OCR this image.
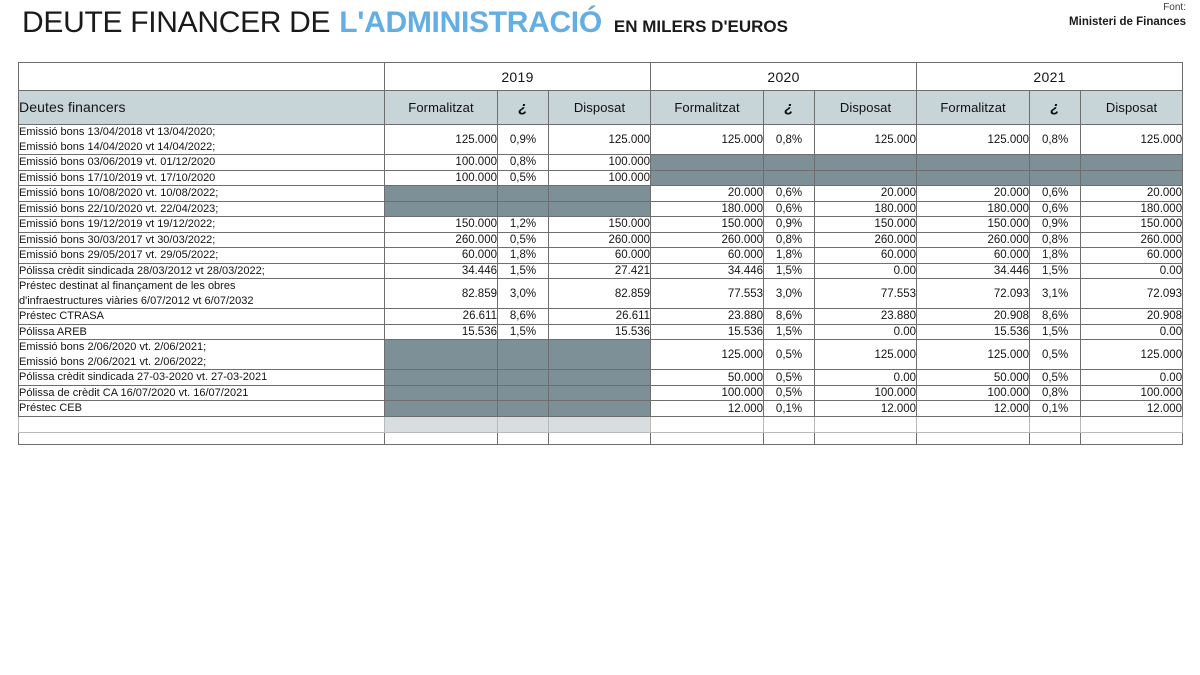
DEUTE FINANCER DE L'ADMINISTRACIÓ EN MILERS D'EUROS
Font:
Ministeri de Finances
	2019			2020			2021		
Deutes financers	Formalitzat	¿	Disposat	Formalitzat	¿	Disposat	Formalitzat	¿	Disposat

Emissió bons 13/04/2018 vt 13/04/2020;
Emissió bons 14/04/2020 vt 14/04/2022;	125.000	0,9%	125.000	125.000	0,8%	125.000	125.000	0,8%	125.000

Emissió bons 03/06/2019 vt. 01/12/2020	100.000	0,8%	100.000						

Emissió bons 17/10/2019 vt. 17/10/2020	100.000	0,5%	100.000						

Emissió bons 10/08/2020 vt. 10/08/2022;				20.000	0,6%	20.000	20.000	0,6%	20.000

Emissió bons 22/10/2020 vt. 22/04/2023;				180.000	0,6%	180.000	180.000	0,6%	180.000

Emissió bons 19/12/2019 vt 19/12/2022;	150.000	1,2%	150.000	150.000	0,9%	150.000	150.000	0,9%	150.000

Emissió bons 30/03/2017 vt 30/03/2022;	260.000	0,5%	260.000	260.000	0,8%	260.000	260.000	0,8%	260.000

Emissió bons 29/05/2017 vt. 29/05/2022;	60.000	1,8%	60.000	60.000	1,8%	60.000	60.000	1,8%	60.000

Pólissa crèdit sindicada 28/03/2012 vt 28/03/2022;	34.446	1,5%	27.421	34.446	1,5%	0.00	34.446	1,5%	0.00

Préstec destinat al finançament de les obres
d'infraestructures viàries 6/07/2012 vt 6/07/2032	82.859	3,0%	82.859	77.553	3,0%	77.553	72.093	3,1%	72.093

Préstec CTRASA	26.611	8,6%	26.611	23.880	8,6%	23.880	20.908	8,6%	20.908

Pólissa AREB	15.536	1,5%	15.536	15.536	1,5%	0.00	15.536	1,5%	0.00

Emissió bons 2/06/2020 vt. 2/06/2021;
Emissió bons 2/06/2021 vt. 2/06/2022;				125.000	0,5%	125.000	125.000	0,5%	125.000

Pólissa crèdit sindicada 27-03-2020 vt. 27-03-2021				50.000	0,5%	0.00	50.000	0,5%	0.00

Pólissa de crèdit CA 16/07/2020 vt. 16/07/2021				100.000	0,5%	100.000	100.000	0,8%	100.000

Préstec CEB				12.000	0,1%	12.000	12.000	0,1%	12.000
